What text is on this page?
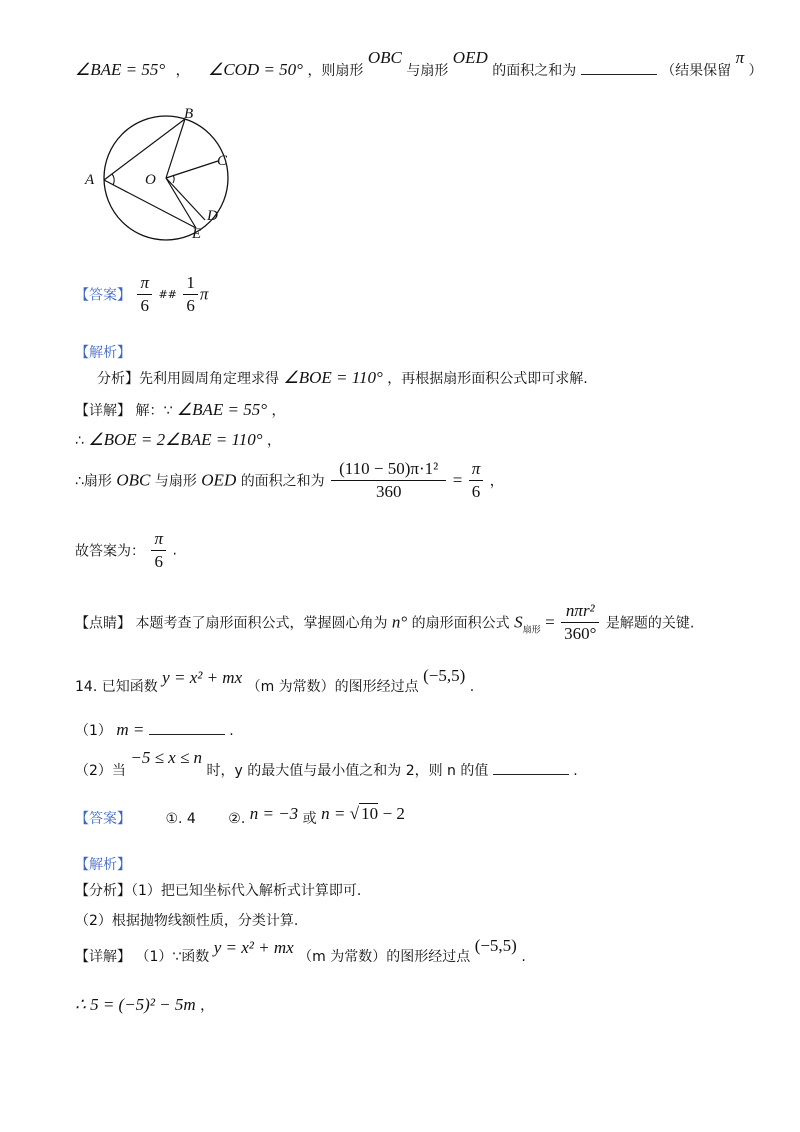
∠BAE = 55° ， ∠COD = 50° ，则扇形 OBC 与扇形 OED 的面积之和为	（结果保留 π ）
A
B
C
O
D
E
【答案】 $\frac{\pi}{6}$ ## $\frac{1}{6}$ π
【解析】
分析】先利用圆周角定理求得 ∠BOE = 110° ，再根据扇形面积公式即可求解.
【详解】 解：∵ ∠BAE = 55° ，
∴ ∠BOE = 2∠BAE = 110° ，
∴扇形 OBC 与扇形 OED 的面积之和为 $\frac{\text{(110 − 50)π·1²}}{360} = \frac{\pi}{6}$ ，
故答案为： $\frac{\pi}{6}$ .
【点睛】 本题考查了扇形面积公式，掌握圆心角为 n° 的扇形面积公式 $S_{扇形} = \frac{\text{nπr²}}{360^\circ}$ 是解题的关键.
14. 已知函数 y = x² + mx （m 为常数）的图形经过点 (−5,5) .
（1） m =	.
（2）当 −5 ≤ x ≤ n 时，y 的最大值与最小值之和为 2，则 n 的值	.
【答案】 ①. 4 ②. n = −3 或 n = √ 10 − 2
【解析】
【分析】（1）把已知坐标代入解析式计算即可.
（2）根据抛物线额性质，分类计算.
【详解】 （1）∵函数 y = x² + mx （m 为常数）的图形经过点 (−5,5) .
∴ 5 = (−5)² − 5m ，
